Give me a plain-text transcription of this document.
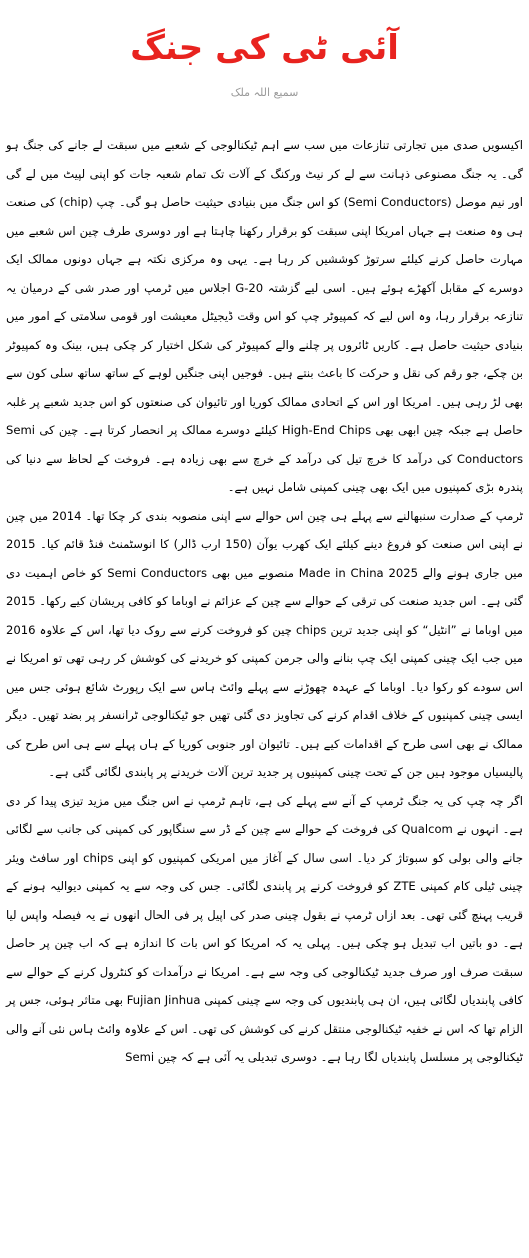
آئی ٹی کی جنگ
سمیع اللہ ملک

اکیسویں صدی میں تجارتی تنازعات میں سب سے اہم ٹیکنالوجی کے شعبے میں سبقت لے جانے کی جنگ ہو گی۔ یہ جنگ مصنوعی ذہانت سے لے کر نیٹ ورکنگ کے آلات تک تمام شعبہ جات کو اپنی لپیٹ میں لے گی اور نیم موصل (Semi Conductors) کو اس جنگ میں بنیادی حیثیت حاصل ہو گی۔ چپ (chip) کی صنعت ہی وہ صنعت ہے جہاں امریکا اپنی سبقت کو برقرار رکھنا چاہتا ہے اور دوسری طرف چین اس شعبے میں مہارت حاصل کرنے کیلئے سرتوڑ کوششیں کر رہا ہے۔ یہی وہ مرکزی نکتہ ہے جہاں دونوں ممالک ایک دوسرے کے مقابل آکھڑے ہوئے ہیں۔ اسی لیے گزشتہ G-20 اجلاس میں ٹرمپ اور صدر شی کے درمیان یہ تنازعہ برقرار رہا، وہ اس لیے کہ کمپیوٹر چپ کو اس وقت ڈیجیٹل معیشت اور قومی سلامتی کے امور میں بنیادی حیثیت حاصل ہے۔ کاریں ٹائروں پر چلنے والے کمپیوٹر کی شکل اختیار کر چکی ہیں، بینک وہ کمپیوٹر بن چکے، جو رقم کی نقل و حرکت کا باعث بنتے ہیں۔ فوجیں اپنی جنگیں لوہے کے ساتھ ساتھ سلی کون سے بھی لڑ رہی ہیں۔ امریکا اور اس کے اتحادی ممالک کوریا اور تائیوان کی صنعتوں کو اس جدید شعبے پر غلبہ حاصل ہے جبکہ چین ابھی بھی High-End Chips کیلئے دوسرے ممالک پر انحصار کرتا ہے۔ چین کی Semi Conductors کی درآمد کا خرچ تیل کی درآمد کے خرچ سے بھی زیادہ ہے۔ فروخت کے لحاظ سے دنیا کی پندرہ بڑی کمپنیوں میں ایک بھی چینی کمپنی شامل نہیں ہے۔

ٹرمپ کے صدارت سنبھالنے سے پہلے ہی چین اس حوالے سے اپنی منصوبہ بندی کر چکا تھا۔ 2014 میں چین نے اپنی اس صنعت کو فروغ دینے کیلئے ایک کھرب یوآن (150 ارب ڈالر) کا انوسٹمنٹ فنڈ قائم کیا۔ 2015 میں جاری ہونے والے Made in China 2025 منصوبے میں بھی Semi Conductors کو خاص اہمیت دی گئی ہے۔ اس جدید صنعت کی ترقی کے حوالے سے چین کے عزائم نے اوباما کو کافی پریشان کیے رکھا۔ 2015 میں اوباما نے ”انٹیل“ کو اپنی جدید ترین chips چین کو فروخت کرنے سے روک دیا تھا، اس کے علاوہ 2016 میں جب ایک چینی کمپنی ایک چپ بنانے والی جرمن کمپنی کو خریدنے کی کوشش کر رہی تھی تو امریکا نے اس سودے کو رکوا دیا۔ اوباما کے عہدہ چھوڑنے سے پہلے وائٹ ہاس سے ایک رپورٹ شائع ہوئی جس میں ایسی چینی کمپنیوں کے خلاف اقدام کرنے کی تجاویز دی گئی تھیں جو ٹیکنالوجی ٹرانسفر پر بضد تھیں۔ دیگر ممالک نے بھی اسی طرح کے اقدامات کیے ہیں۔ تائیوان اور جنوبی کوریا کے ہاں پہلے سے ہی اس طرح کی پالیسیاں موجود ہیں جن کے تحت چینی کمپنیوں پر جدید ترین آلات خریدنے پر پابندی لگائی گئی ہے۔

اگر چہ چپ کی یہ جنگ ٹرمپ کے آنے سے پہلے کی ہے، تاہم ٹرمپ نے اس جنگ میں مزید تیزی پیدا کر دی ہے۔ انہوں نے Qualcom کی فروخت کے حوالے سے چین کے ڈر سے سنگاپور کی کمپنی کی جانب سے لگائی جانے والی بولی کو سبوتاژ کر دیا۔ اسی سال کے آغاز میں امریکی کمپنیوں کو اپنی chips اور سافٹ ویئر چینی ٹیلی کام کمپنی ZTE کو فروخت کرنے پر پابندی لگائی۔ جس کی وجہ سے یہ کمپنی دیوالیہ ہونے کے قریب پہنچ گئی تھی۔ بعد ازاں ٹرمپ نے بقول چینی صدر کی اپیل پر فی الحال انھوں نے یہ فیصلہ واپس لیا ہے۔ دو باتیں اب تبدیل ہو چکی ہیں۔ پہلی یہ کہ امریکا کو اس بات کا اندازہ ہے کہ اب چین پر حاصل سبقت صرف اور صرف جدید ٹیکنالوجی کی وجہ سے ہے۔ امریکا نے درآمدات کو کنٹرول کرنے کے حوالے سے کافی پابندیاں لگائی ہیں، ان ہی پابندیوں کی وجہ سے چینی کمپنی Fujian Jinhua بھی متاثر ہوئی، جس پر الزام تھا کہ اس نے خفیہ ٹیکنالوجی منتقل کرنے کی کوشش کی تھی۔ اس کے علاوہ وائٹ ہاس نئی آنے والی ٹیکنالوجی پر مسلسل پابندیاں لگا رہا ہے۔ دوسری تبدیلی یہ آئی ہے کہ چین Semi
